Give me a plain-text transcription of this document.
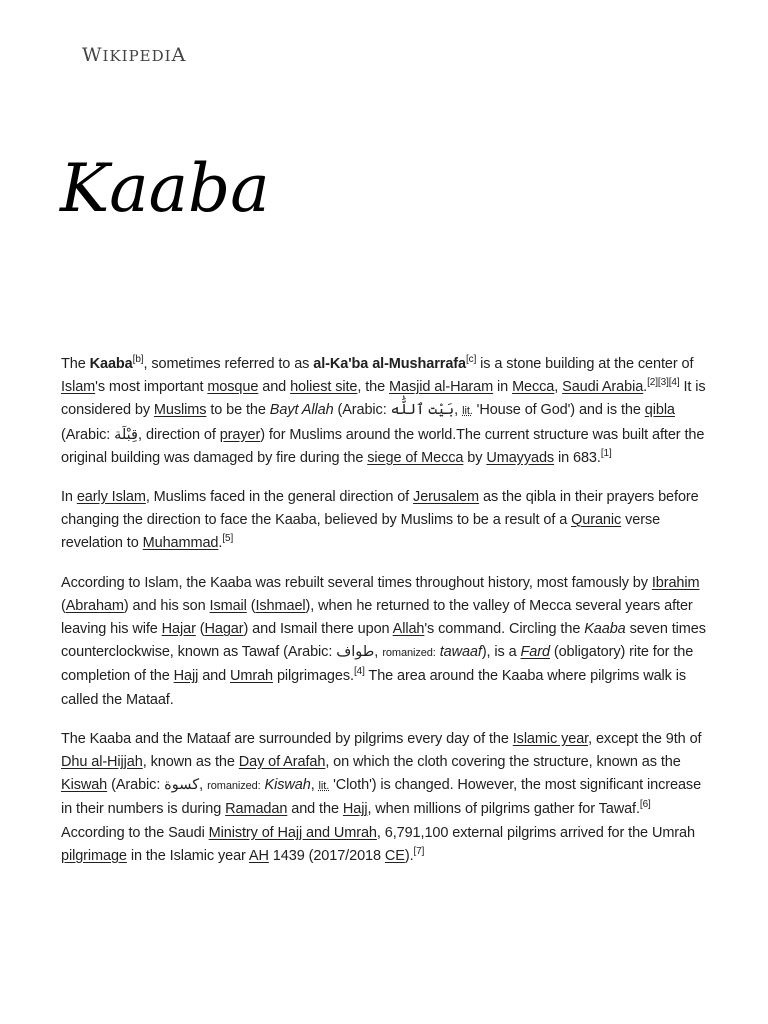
WIKIPEDIA
Kaaba

The Kaaba[b], sometimes referred to as al-Ka'ba al-Musharrafa[c] is a stone building at the center of Islam's most important mosque and holiest site, the Masjid al-Haram in Mecca, Saudi Arabia.[2][3][4] It is considered by Muslims to be the Bayt Allah (Arabic: بَيْت ٱللَّٰه, lit. 'House of God') and is the qibla (Arabic: قِبْلَة, direction of prayer) for Muslims around the world.The current structure was built after the original building was damaged by fire during the siege of Mecca by Umayyads in 683.[1]

In early Islam, Muslims faced in the general direction of Jerusalem as the qibla in their prayers before changing the direction to face the Kaaba, believed by Muslims to be a result of a Quranic verse revelation to Muhammad.[5]

According to Islam, the Kaaba was rebuilt several times throughout history, most famously by Ibrahim (Abraham) and his son Ismail (Ishmael), when he returned to the valley of Mecca several years after leaving his wife Hajar (Hagar) and Ismail there upon Allah's command. Circling the Kaaba seven times counterclockwise, known as Tawaf (Arabic: طواف, romanized: tawaaf), is a Fard (obligatory) rite for the completion of the Hajj and Umrah pilgrimages.[4] The area around the Kaaba where pilgrims walk is called the Mataaf.

The Kaaba and the Mataaf are surrounded by pilgrims every day of the Islamic year, except the 9th of Dhu al-Hijjah, known as the Day of Arafah, on which the cloth covering the structure, known as the Kiswah (Arabic: كسوة, romanized: Kiswah, lit. 'Cloth') is changed. However, the most significant increase in their numbers is during Ramadan and the Hajj, when millions of pilgrims gather for Tawaf.[6] According to the Saudi Ministry of Hajj and Umrah, 6,791,100 external pilgrims arrived for the Umrah pilgrimage in the Islamic year AH 1439 (2017/2018 CE).[7]
